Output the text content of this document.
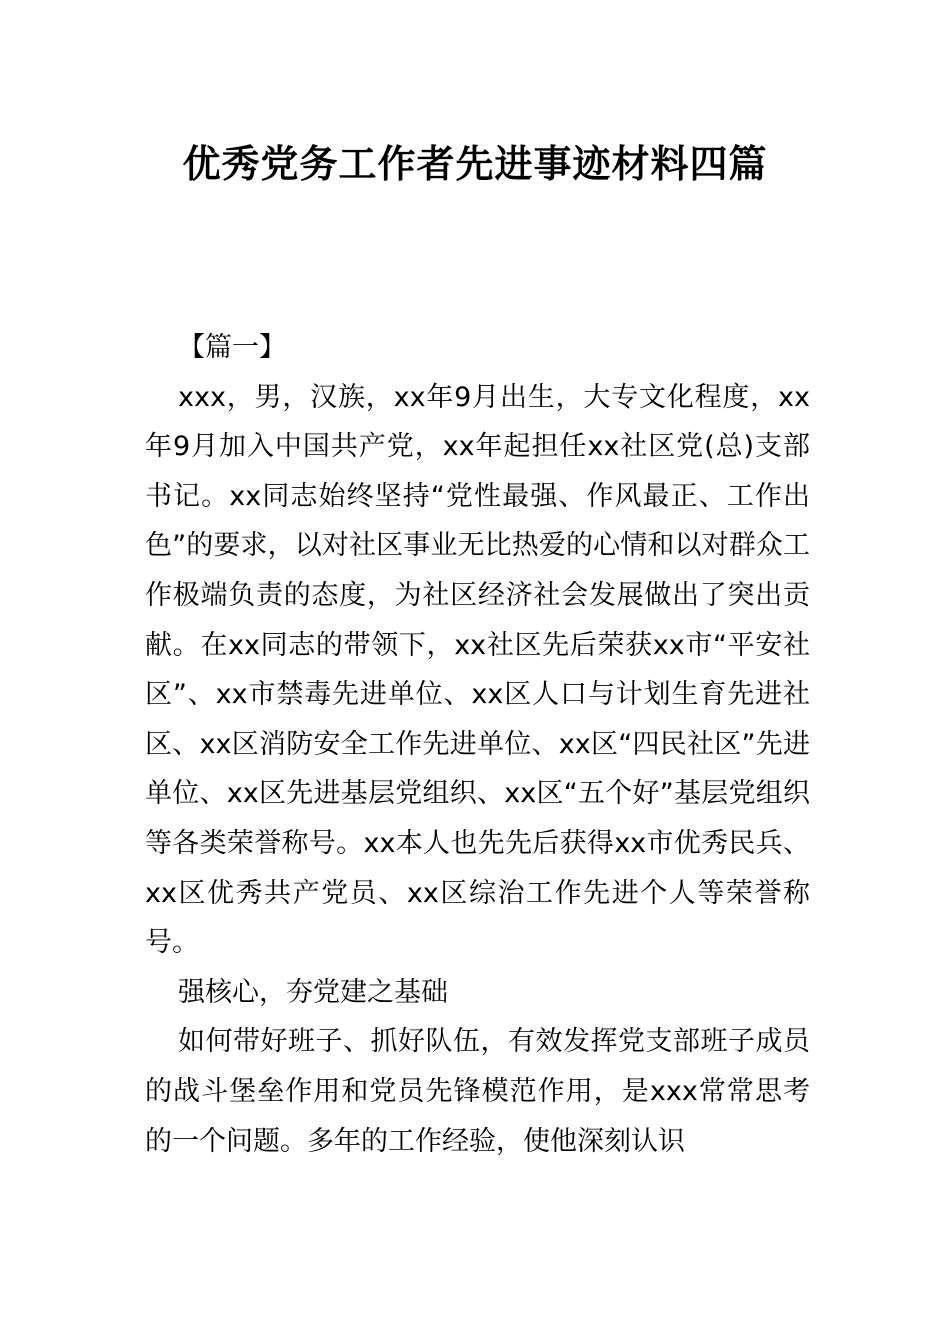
优秀党务工作者先进事迹材料四篇

【篇一】

xxx，男，汉族，xx年9月出生，大专文化程度，xx年9月加入中国共产党，xx年起担任xx社区党(总)支部书记。xx同志始终坚持“党性最强、作风最正、工作出色”的要求，以对社区事业无比热爱的心情和以对群众工作极端负责的态度，为社区经济社会发展做出了突出贡献。在xx同志的带领下，xx社区先后荣获xx市“平安社区”、xx市禁毒先进单位、xx区人口与计划生育先进社区、xx区消防安全工作先进单位、xx区“四民社区”先进单位、xx区先进基层党组织、xx区“五个好”基层党组织等各类荣誉称号。xx本人也先先后获得xx市优秀民兵、xx区优秀共产党员、xx区综治工作先进个人等荣誉称号。

强核心，夯党建之基础

如何带好班子、抓好队伍，有效发挥党支部班子成员的战斗堡垒作用和党员先锋模范作用，是xxx常常思考的一个问题。多年的工作经验，使他深刻认识
